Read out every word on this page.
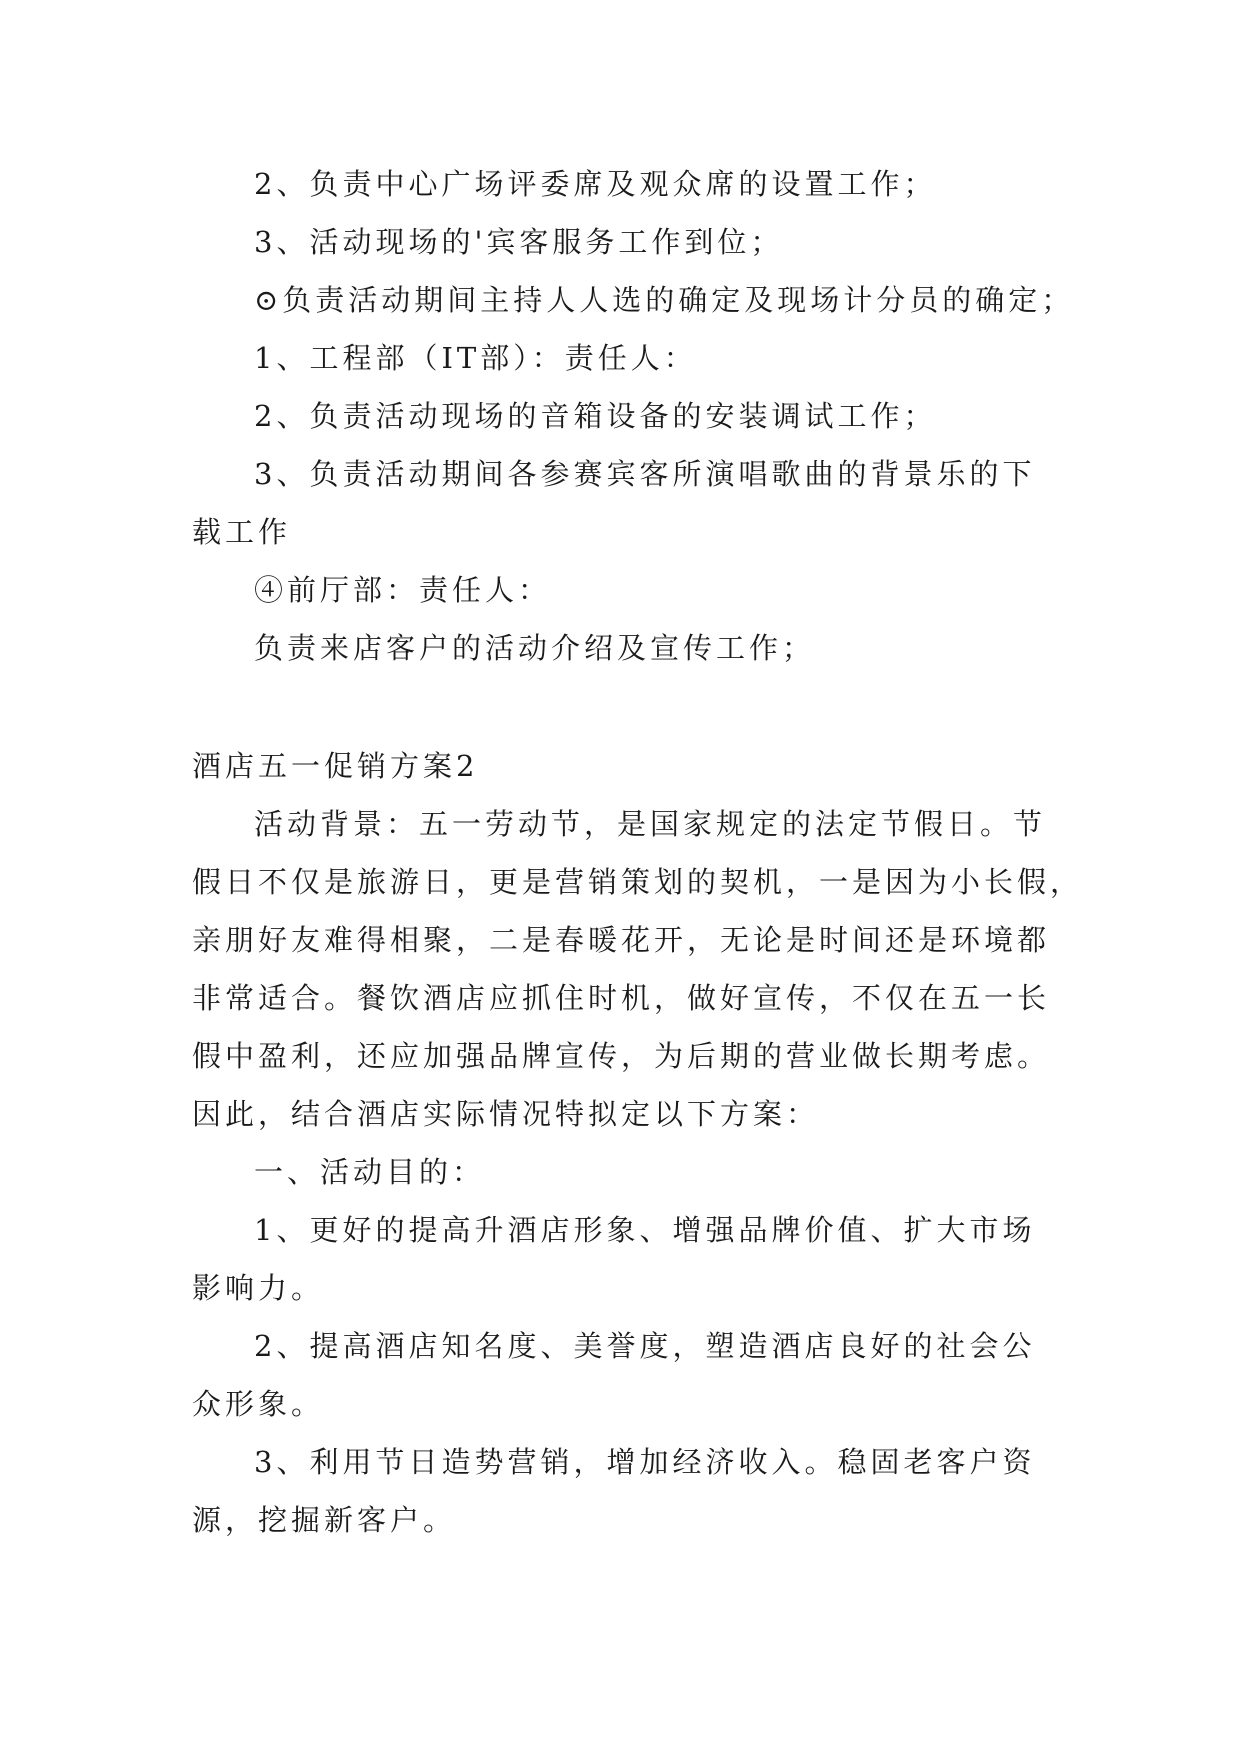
2、负责中心广场评委席及观众席的设置工作；
3、活动现场的'宾客服务工作到位；
⊙负责活动期间主持人人选的确定及现场计分员的确定；
1、工程部（IT部）：责任人：
2、负责活动现场的音箱设备的安装调试工作；
3、负责活动期间各参赛宾客所演唱歌曲的背景乐的下
载工作
④前厅部：责任人：
负责来店客户的活动介绍及宣传工作；
酒店五一促销方案2
活动背景：五一劳动节，是国家规定的法定节假日。节
假日不仅是旅游日，更是营销策划的契机，一是因为小长假，
亲朋好友难得相聚，二是春暖花开，无论是时间还是环境都
非常适合。餐饮酒店应抓住时机，做好宣传，不仅在五一长
假中盈利，还应加强品牌宣传，为后期的营业做长期考虑。
因此，结合酒店实际情况特拟定以下方案：
一、活动目的：
1、更好的提高升酒店形象、增强品牌价值、扩大市场
影响力。
2、提高酒店知名度、美誉度，塑造酒店良好的社会公
众形象。
3、利用节日造势营销，增加经济收入。稳固老客户资
源，挖掘新客户。
